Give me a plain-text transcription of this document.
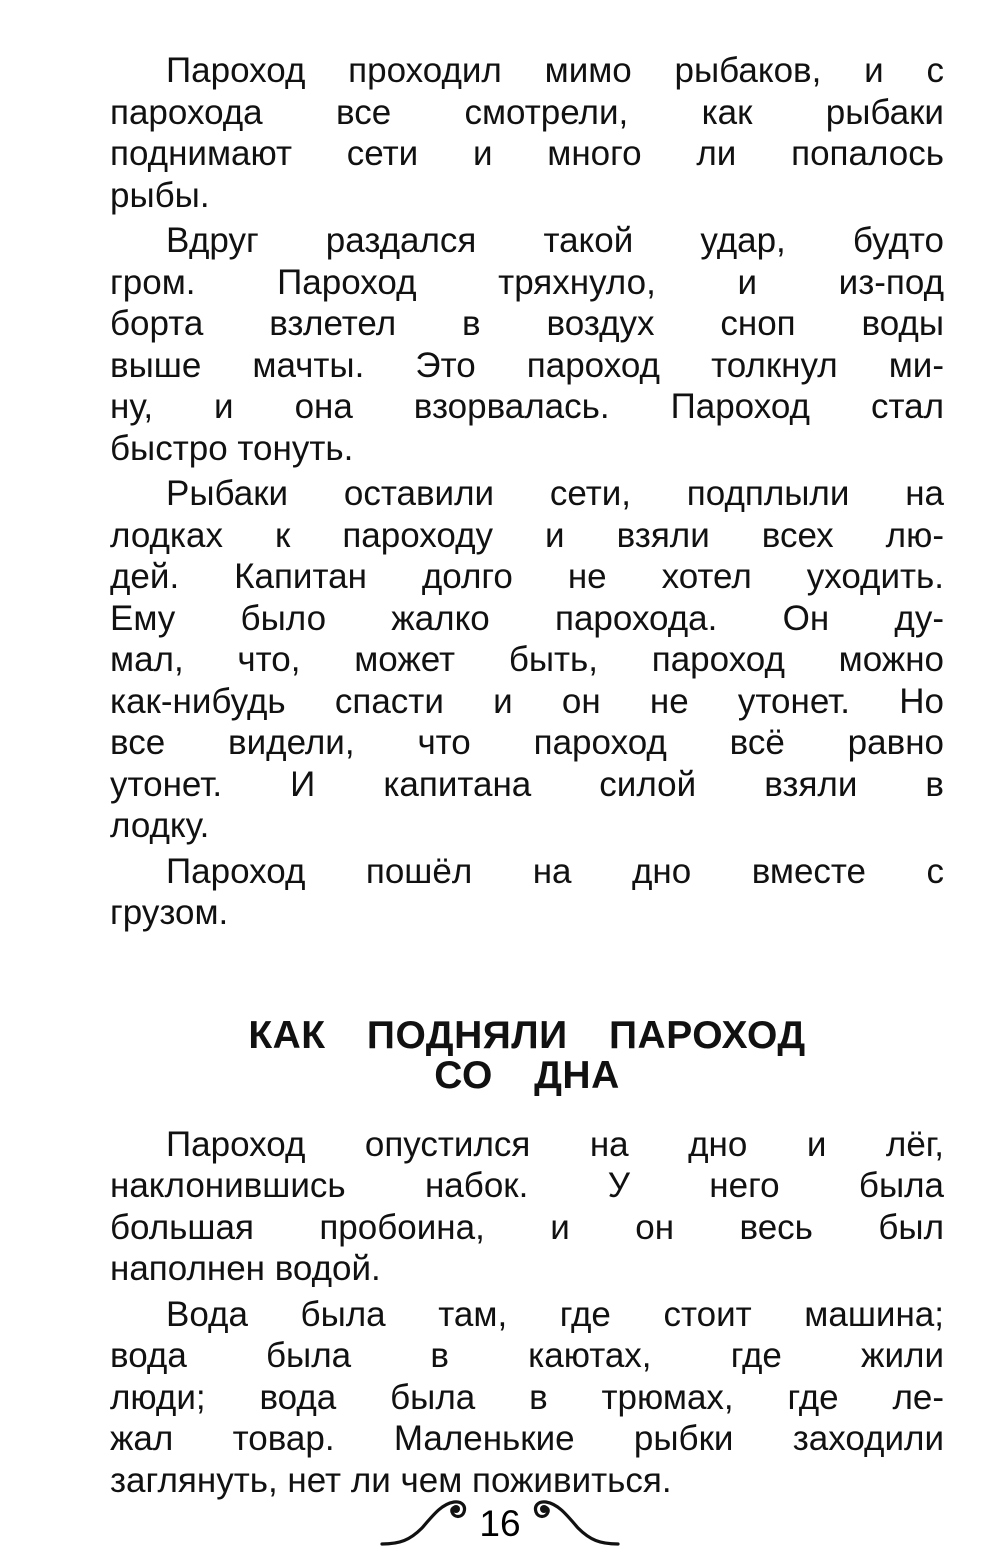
Пароход проходил мимо рыбаков, и с
парохода все смотрели, как рыбаки
поднимают сети и много ли попалось
рыбы.
Вдруг раздался такой удар, будто
гром. Пароход тряхнуло, и из-под
борта взлетел в воздух сноп воды
выше мачты. Это пароход толкнул ми-
ну, и она взорвалась. Пароход стал
быстро тонуть.
Рыбаки оставили сети, подплыли на
лодках к пароходу и взяли всех лю-
дей. Капитан долго не хотел уходить.
Ему было жалко парохода. Он ду-
мал, что, может быть, пароход можно
как-нибудь спасти и он не утонет. Но
все видели, что пароход всё равно
утонет. И капитана силой взяли в
лодку.
Пароход пошёл на дно вместе с
грузом.
КАК ПОДНЯЛИ ПАРОХОД
СО ДНА
Пароход опустился на дно и лёг,
наклонившись набок. У него была
большая пробоина, и он весь был
наполнен водой.
Вода была там, где стоит машина;
вода была в каютах, где жили
люди; вода была в трюмах, где ле-
жал товар. Маленькие рыбки заходили
заглянуть, нет ли чем поживиться.
16
